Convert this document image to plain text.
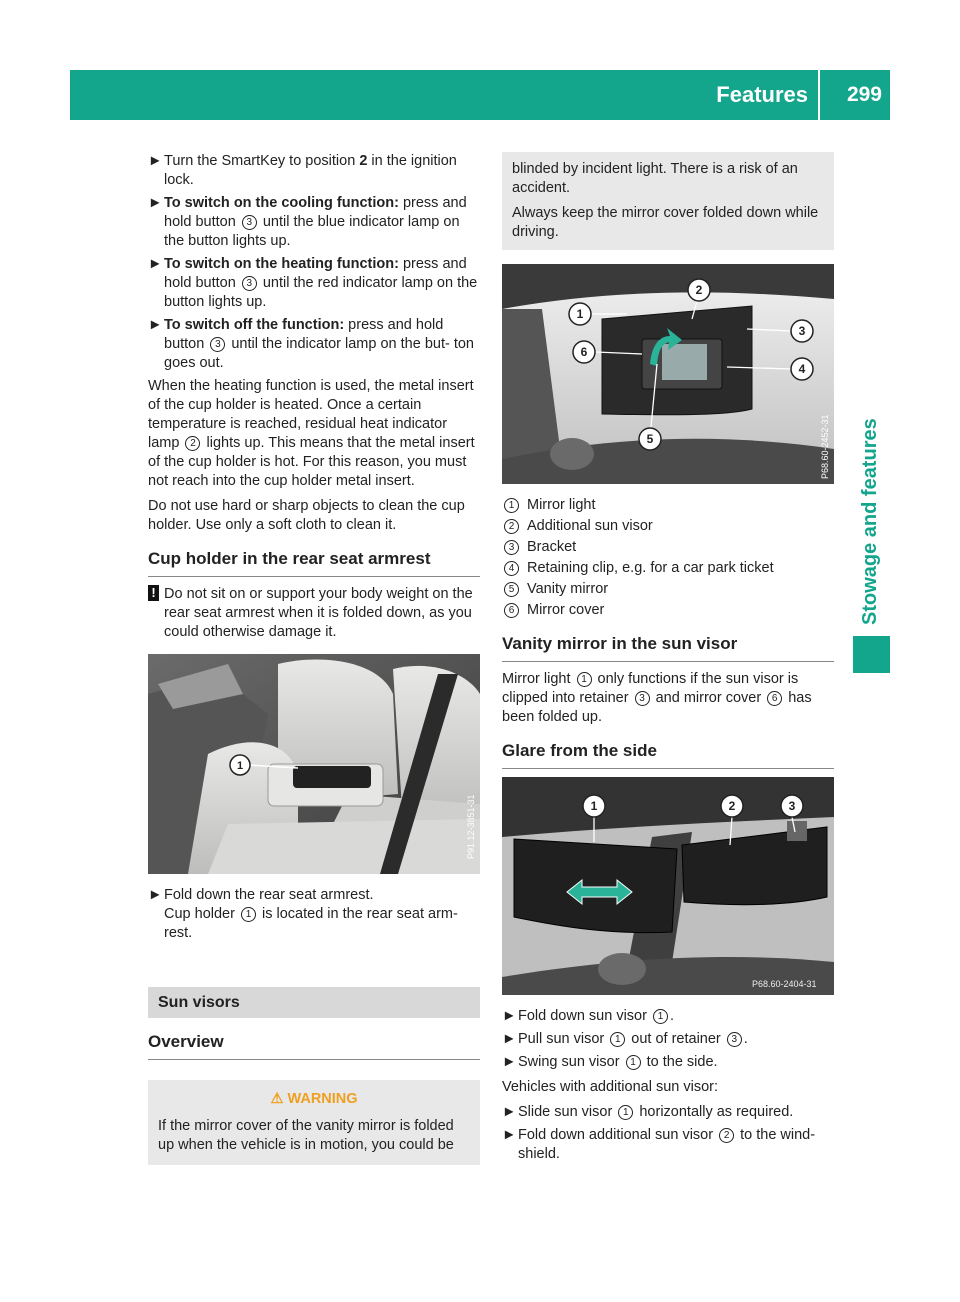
Features	299
Stowage and features
► Turn the SmartKey to position 2 in the ignition lock.
► To switch on the cooling function: press and hold button 3 until the blue indicator lamp on the button lights up.
► To switch on the heating function: press and hold button 3 until the red indicator lamp on the button lights up.
► To switch off the function: press and hold button 3 until the indicator lamp on the but- ton goes out.

When the heating function is used, the metal insert of the cup holder is heated. Once a certain temperature is reached, residual heat indicator lamp 2 lights up. This means that the metal insert of the cup holder is hot. For this reason, you must not reach into the cup holder metal insert.

Do not use hard or sharp objects to clean the cup holder. Use only a soft cloth to clean it.

Cup holder in the rear seat armrest
! Do not sit on or support your body weight on the rear seat armrest when it is folded down, as you could otherwise damage it.
1
P91.12-3851-31
► Fold down the rear seat armrest.

Cup holder 1 is located in the rear seat arm- rest.

Sun visors
Overview
⚠ WARNING
If the mirror cover of the vanity mirror is folded up when the vehicle is in motion, you could be

blinded by incident light. There is a risk of an accident.

Always keep the mirror cover folded down while driving.

1
2
3
4
5
6
P68.60-2452-31
1 Mirror light
2 Additional sun visor
3 Bracket
4 Retaining clip, e.g. for a car park ticket
5 Vanity mirror
6 Mirror cover
Vanity mirror in the sun visor

Mirror light 1 only functions if the sun visor is clipped into retainer 3 and mirror cover 6 has been folded up.

Glare from the side
1	2	3
P68.60-2404-31
► Fold down sun visor 1 .
► Pull sun visor 1 out of retainer 3 .
► Swing sun visor 1 to the side.

Vehicles with additional sun visor:

► Slide sun visor 1 horizontally as required.
► Fold down additional sun visor 2 to the wind- shield.
